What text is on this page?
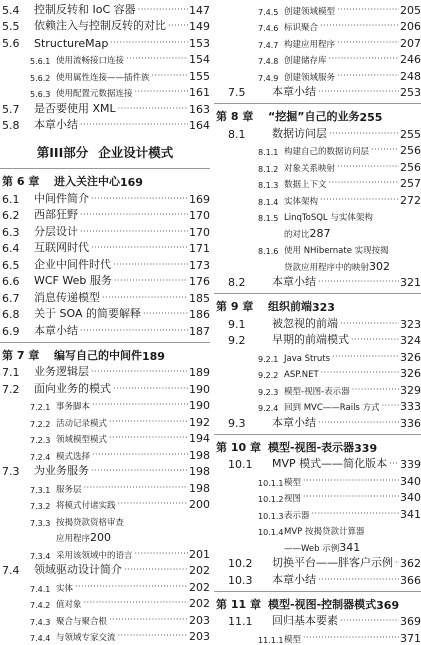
5.4	控制反转和 IoC 容器 ·····	147
5.5	依赖注入与控制反转的对比 ····· 149
5.6	StructureMap ·····	153
5.6.1 使用流畅接口连接 ·····	154
5.6.2 使用属性连接——插件族 ·····	155
5.6.3 使用配置元数据连接 ·····	161
5.7	是否要使用 XML ·····	163
5.8	本章小结 ·····	164
第III部分 企业设计模式
第 6 章	进入关注中心 169
6.1	中间件简介 ·····	169
6.2	西部狂野 ·····	170
6.3	分层设计 ·····	170
6.4	互联网时代 ·····	171
6.5	企业中间件时代 ·····	173
6.6	WCF Web 服务 ·····	176
6.7	消息传递模型 ·····	185
6.8	关于 SOA 的简要解释 ·····	186
6.9	本章小结 ·····	187
第 7 章	编写自己的中间件 189
7.1	业务逻辑层 ·····	189
7.2	面向业务的模式 ·····	190
7.2.1 事务脚本 ·····	190
7.2.2 活动记录模式 ·····	192
7.2.3 领域模型模式 ·····	194
7.2.4 模式选择 ·····	198
7.3	为业务服务 ·····	198
7.3.1 服务层 ·····	198
7.3.2 将模式付诸实践 ·····	200
7.3.3 按揭贷款资格审查
应用程序 200
7.3.4 采用该领域中的语言 ·····	201
7.4	领域驱动设计简介 ·····	202
7.4.1 实体 ·····	202
7.4.2 值对象 ·····	202
7.4.3 聚合与聚合根 ·····	203
7.4.4 与领域专家交流 ·····	203
7.4.5 创建领域模型 ·····	205
7.4.6 标识聚合 ·····	206
7.4.7 构建应用程序 ·····	207
7.4.8 创建储存库 ·····	246
7.4.9 创建领域服务 ·····	248
7.5	本章小结 ·····	253
第 8 章	“挖掘”自己的业务 255
8.1	数据访问层 ·····	255
8.1.1 构建自己的数据访问层 ·····	256
8.1.2 对象关系映射 ·····	256
8.1.3 数据上下文 ·····	257
8.1.4 实体架构 ·····	272
8.1.5 LinqToSQL 与实体架构
的对比 287
8.1.6 使用 NHibernate 实现按揭
贷款应用程序中的映射 302
8.2	本章小结 ·····	321
第 9 章	组织前端 323
9.1	被忽视的前端 ·····	323
9.2	早期的前端模式 ·····	324
9.2.1 Java Struts ·····	326
9.2.2 ASP.NET ·····	326
9.2.3 模型-视图-表示器 ·····	329
9.2.4 回到 MVC——Rails 方式 ····· 333
9.3	本章小结 ·····	336
第 10 章 模型-视图-表示器 339
10.1	MVP 模式——简化版本 ····· 339
10.1.1 模型 ·····	340
10.1.2 视图 ·····	340
10.1.3 表示器 ·····	341
10.1.4 MVP 按揭贷款计算器
——Web 示例 341
10.2	切换平台——胖客户示例 ····· 362
10.3	本章小结 ·····	366
第 11 章 模型-视图-控制器模式 369
11.1	回归基本要素 ·····	369
11.1.1 模型 ·····	371
